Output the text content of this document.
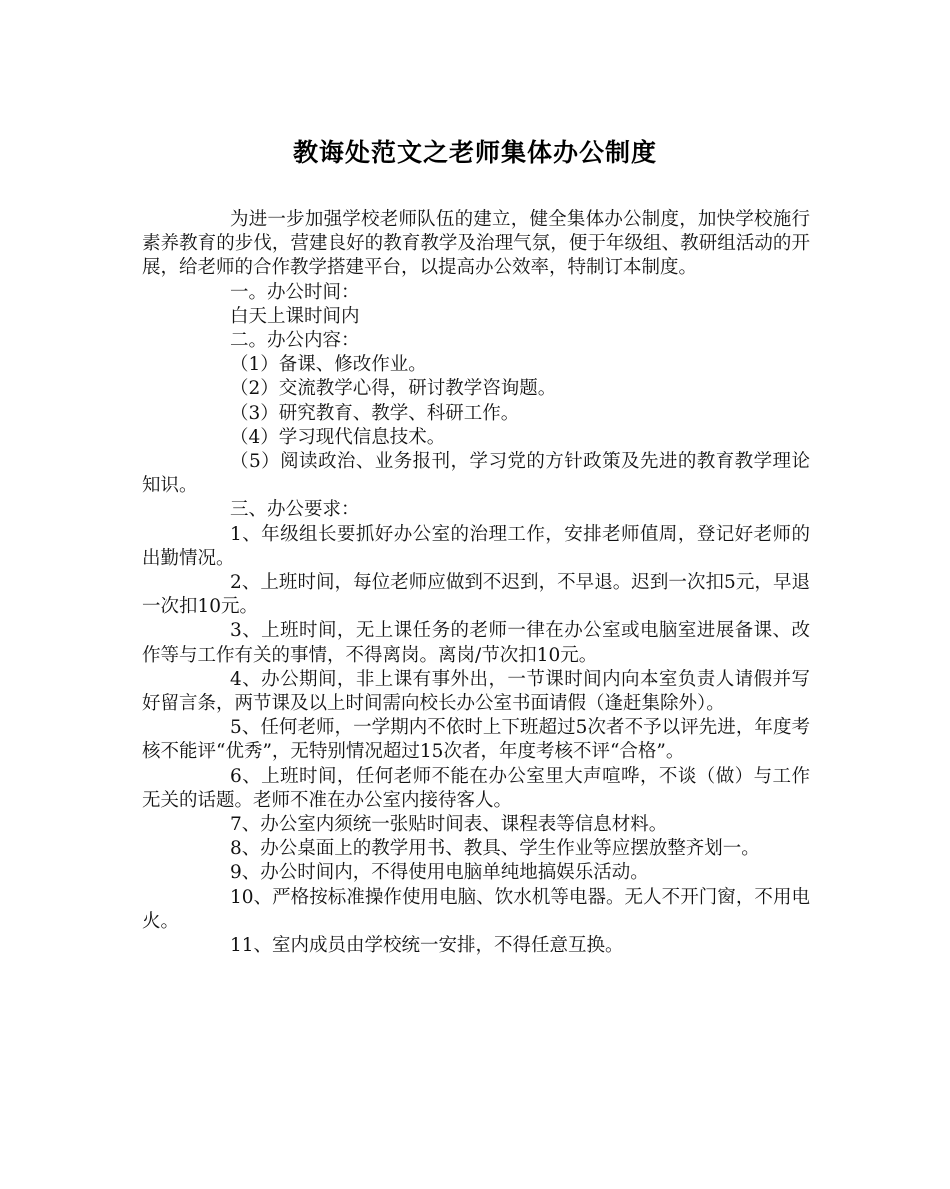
教诲处范文之老师集体办公制度

为进一步加强学校老师队伍的建立，健全集体办公制度，加快学校施行素养教育的步伐，营建良好的教育教学及治理气氛，便于年级组、教研组活动的开展，给老师的合作教学搭建平台，以提高办公效率，特制订本制度。

一。办公时间：

白天上课时间内

二。办公内容：

（1）备课、修改作业。

（2）交流教学心得，研讨教学咨询题。

（3）研究教育、教学、科研工作。

（4）学习现代信息技术。

（5）阅读政治、业务报刊，学习党的方针政策及先进的教育教学理论知识。

三、办公要求：

1、年级组长要抓好办公室的治理工作，安排老师值周，登记好老师的出勤情况。

2、上班时间，每位老师应做到不迟到，不早退。迟到一次扣5元，早退一次扣10元。

3、上班时间，无上课任务的老师一律在办公室或电脑室进展备课、改作等与工作有关的事情，不得离岗。离岗/节次扣10元。

4、办公期间，非上课有事外出，一节课时间内向本室负责人请假并写好留言条，两节课及以上时间需向校长办公室书面请假（逢赶集除外）。

5、任何老师，一学期内不依时上下班超过5次者不予以评先进，年度考核不能评“优秀”，无特别情况超过15次者，年度考核不评“合格”。

6、上班时间，任何老师不能在办公室里大声喧哗，不谈（做）与工作无关的话题。老师不准在办公室内接待客人。

7、办公室内须统一张贴时间表、课程表等信息材料。

8、办公桌面上的教学用书、教具、学生作业等应摆放整齐划一。

9、办公时间内，不得使用电脑单纯地搞娱乐活动。

10、严格按标准操作使用电脑、饮水机等电器。无人不开门窗，不用电火。

11、室内成员由学校统一安排，不得任意互换。
